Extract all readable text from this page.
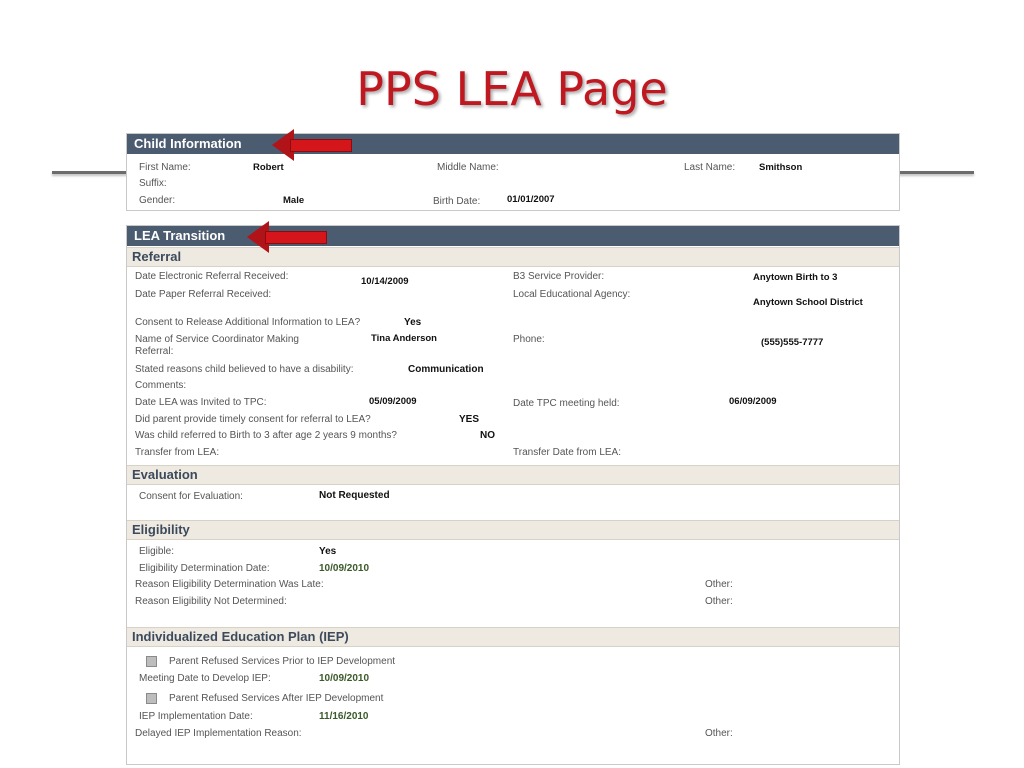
PPS LEA Page
Child Information
First Name:	Robert	Middle Name:	Last Name:	Smithson
Suffix:
Gender:	Male	Birth Date:	01/01/2007
LEA Transition
Referral
Date Electronic Referral Received:	10/14/2009	B3 Service Provider:	Anytown Birth to 3
Date Paper Referral Received:	Local Educational Agency:
Anytown School District
Consent to Release Additional Information to LEA?	Yes
Name of Service Coordinator Making
Referral:
Tina Anderson	Phone:	(555)555-7777
Stated reasons child believed to have a disability:	Communication
Comments:
Date LEA was Invited to TPC:	05/09/2009	Date TPC meeting held:	06/09/2009
Did parent provide timely consent for referral to LEA?	YES
Was child referred to Birth to 3 after age 2 years 9 months?	NO
Transfer from LEA:	Transfer Date from LEA:
Evaluation
Consent for Evaluation:	Not Requested
Eligibility
Eligible:	Yes
Eligibility Determination Date:	10/09/2010
Reason Eligibility Determination Was Late:	Other:
Reason Eligibility Not Determined:	Other:
Individualized Education Plan (IEP)
Parent Refused Services Prior to IEP Development
Meeting Date to Develop IEP:	10/09/2010
Parent Refused Services After IEP Development
IEP Implementation Date:	11/16/2010
Delayed IEP Implementation Reason:	Other:
